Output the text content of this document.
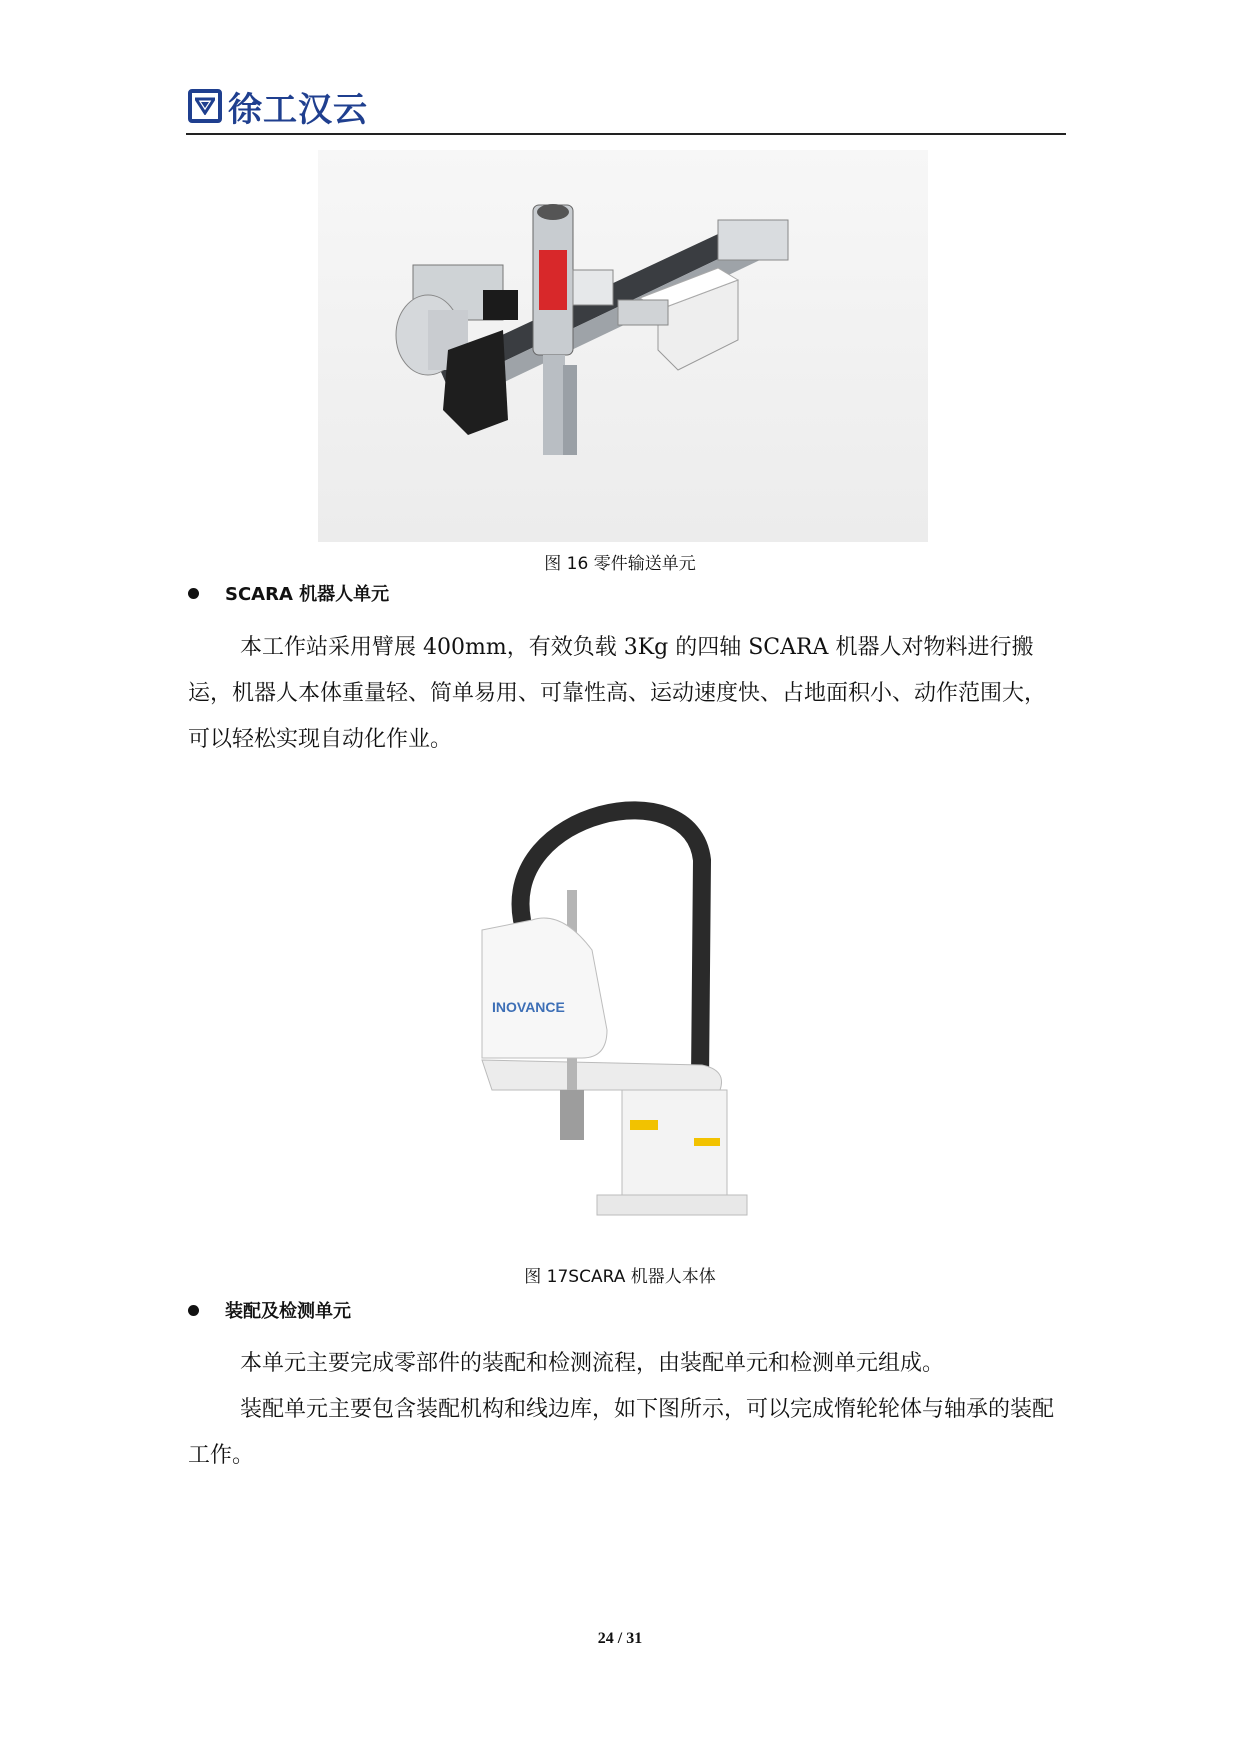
徐工汉云
图 16 零件输送单元
SCARA 机器人单元
本工作站采用臂展 400mm，有效负载 3Kg 的四轴 SCARA 机器人对物料进行搬运，机器人本体重量轻、简单易用、可靠性高、运动速度快、占地面积小、动作范围大，可以轻松实现自动化作业。
INOVANCE
图 17SCARA 机器人本体
装配及检测单元
本单元主要完成零部件的装配和检测流程，由装配单元和检测单元组成。
装配单元主要包含装配机构和线边库，如下图所示，可以完成惰轮轮体与轴承的装配工作。
24 / 31
